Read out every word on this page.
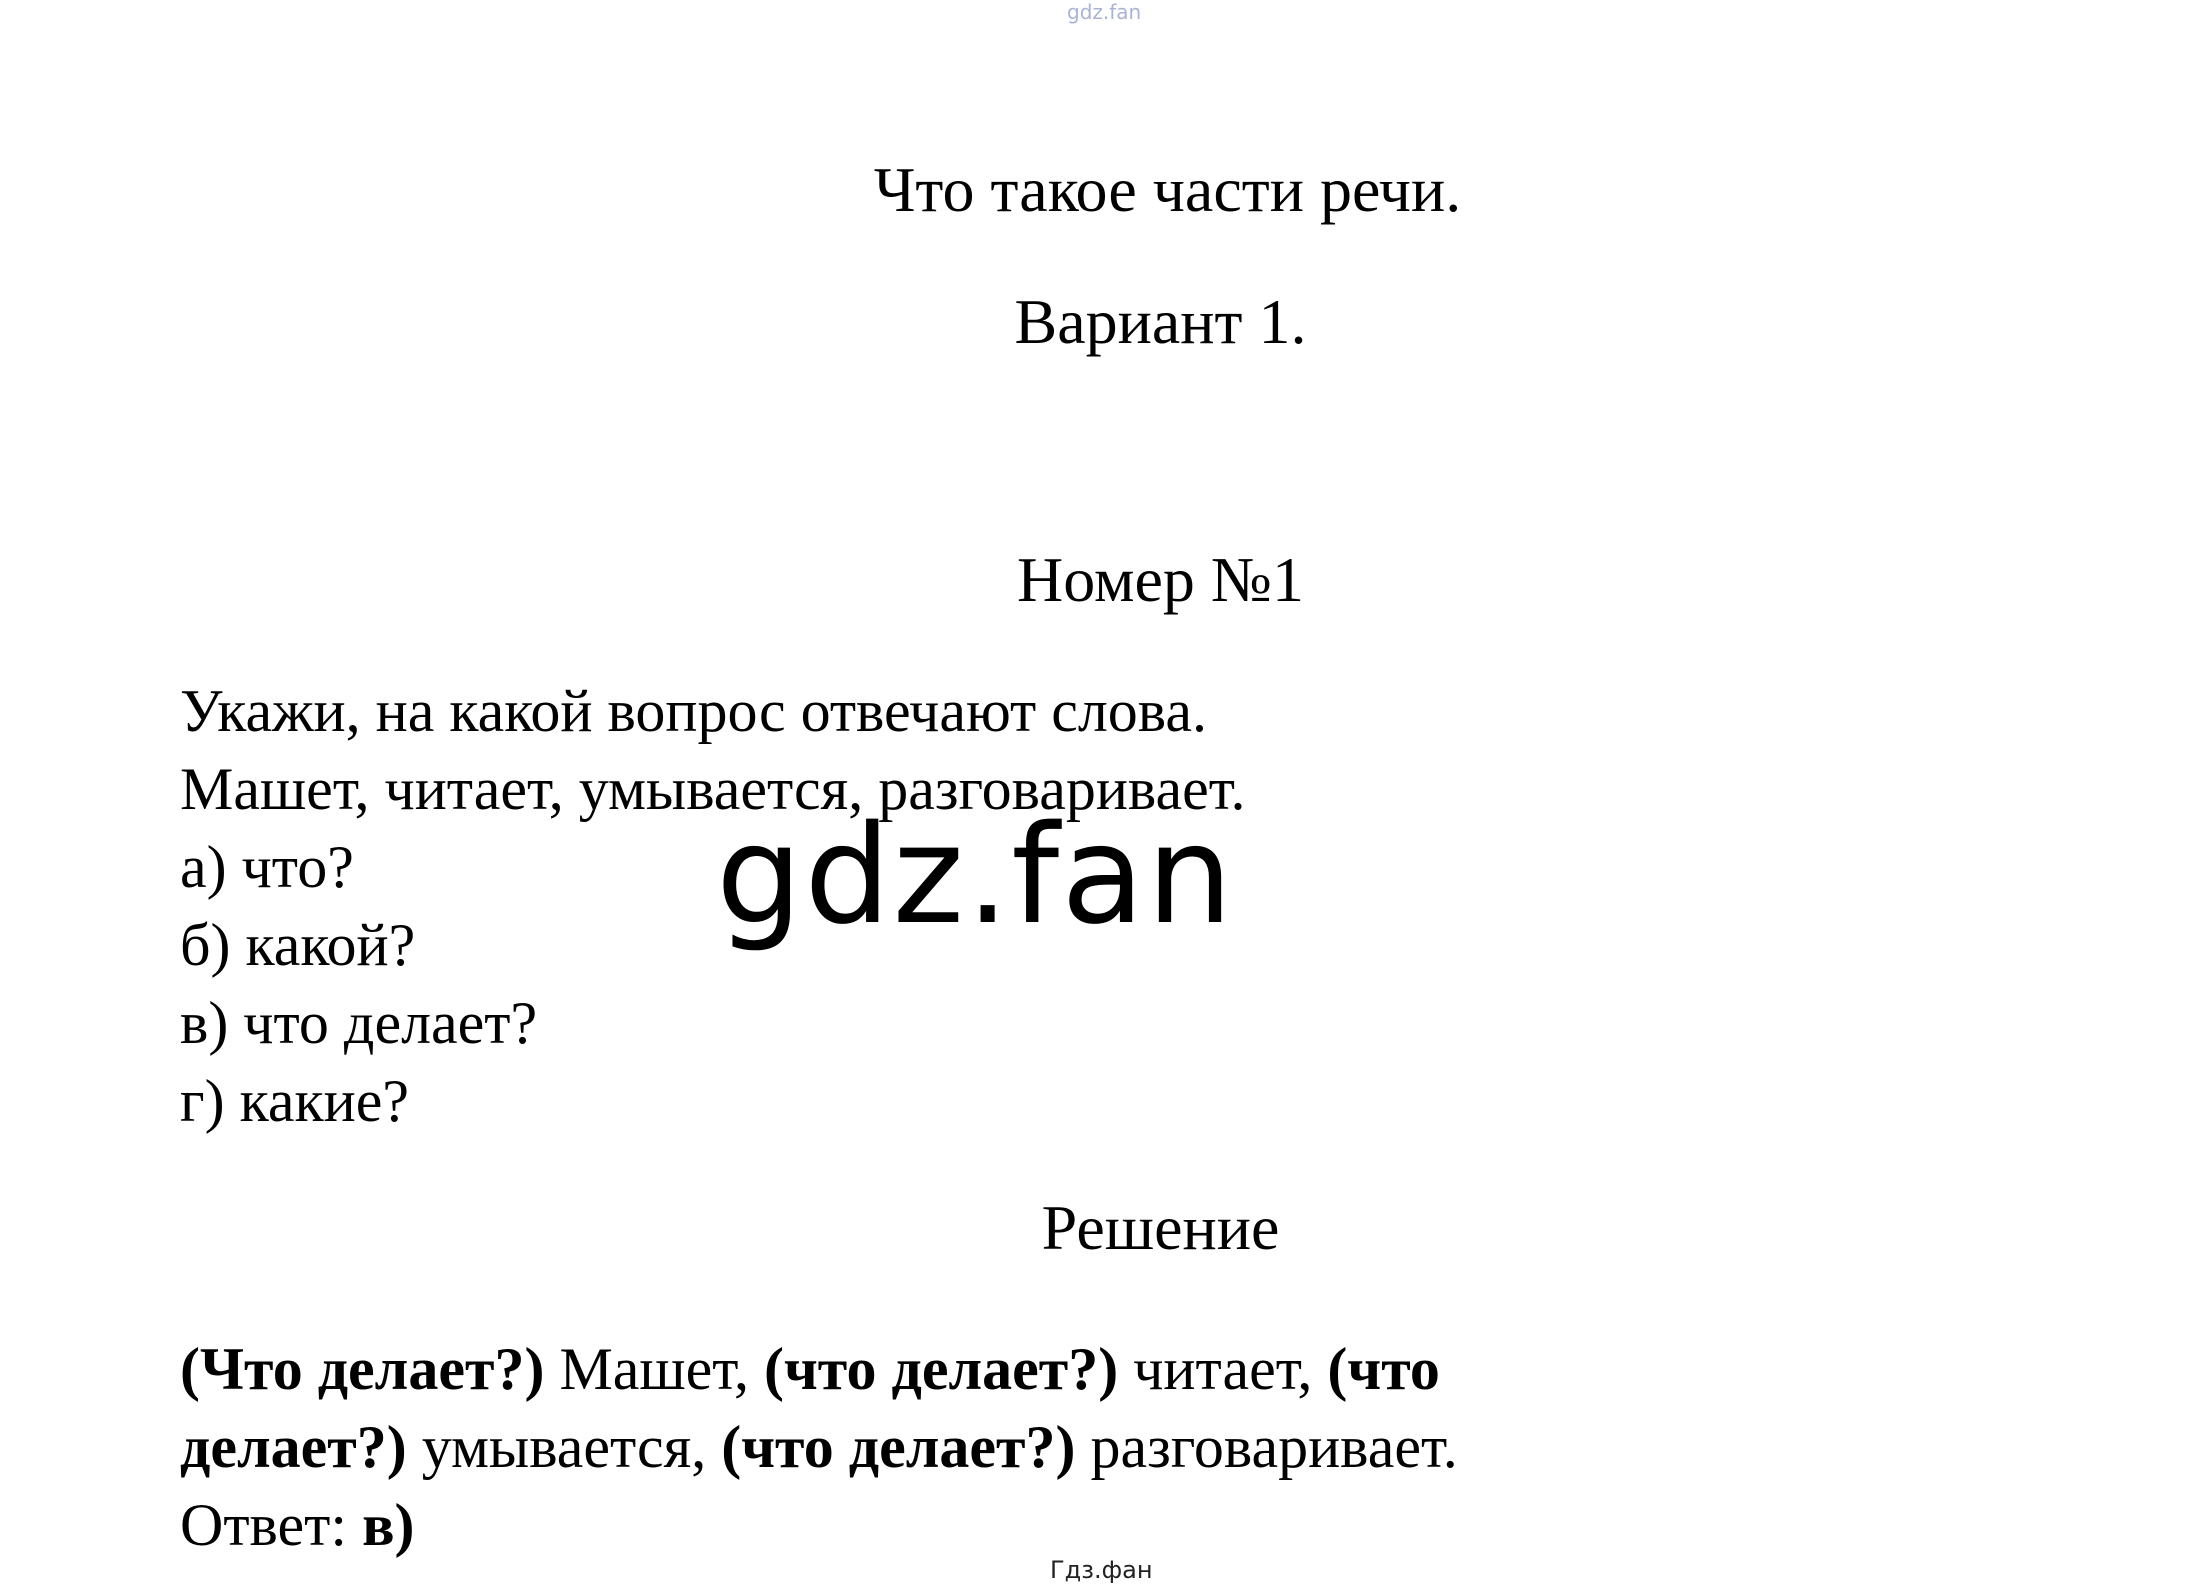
gdz.fan
Что такое части речи.
Вариант 1.
Номер №1
Укажи, на какой вопрос отвечают слова.
Машет, читает, умывается, разговаривает.
а) что?
б) какой?
в) что делает?
г) какие?
gdz.fan
Решение
(Что делает?) Машет, (что делает?) читает, (что
делает?) умывается, (что делает?) разговаривает.
Ответ: в)
Гдз.фан
